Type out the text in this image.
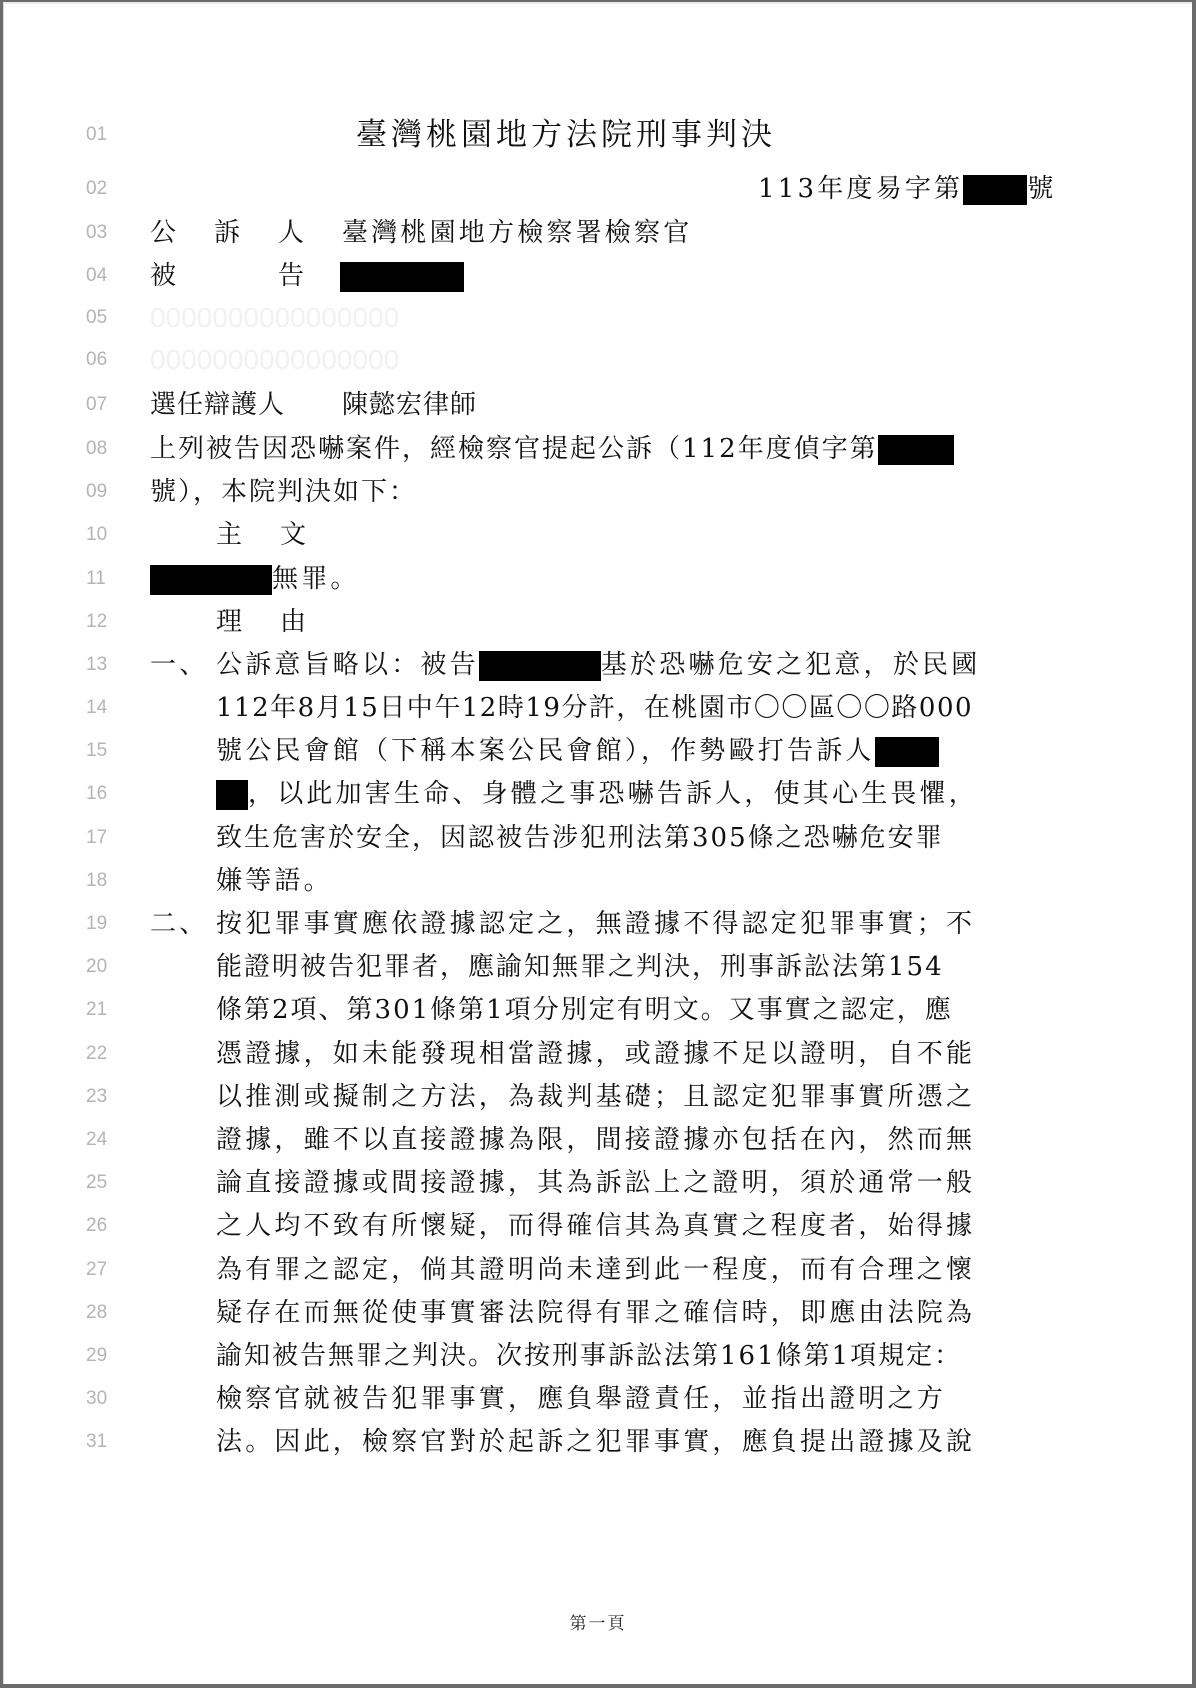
01	臺灣桃園地方法院刑事判決
02	113年度易字第 號
03	公　訴　人 臺灣桃園地方檢察署檢察官
04	被　　　告
05	0000000000000000
06	0000000000000000
07	選任辯護人 陳懿宏律師
08	上列被告因恐嚇案件，經檢察官提起公訴（112年度偵字第
09	號），本院判決如下：
10	主　文
11	無罪。
12	理　由
13	一、 公訴意旨略以：被告	基於恐嚇危安之犯意，於民國
14	112年8月15日中午12時19分許，在桃園市〇〇區〇〇路000
15	號公民會館（下稱本案公民會館），作勢毆打告訴人
16	，以此加害生命、身體之事恐嚇告訴人，使其心生畏懼，
17	致生危害於安全，因認被告涉犯刑法第305條之恐嚇危安罪
18	嫌等語。
19	二、 按犯罪事實應依證據認定之，無證據不得認定犯罪事實；不
20	能證明被告犯罪者，應諭知無罪之判決，刑事訴訟法第154
21	條第2項、第301條第1項分別定有明文。又事實之認定，應
22	憑證據，如未能發現相當證據，或證據不足以證明，自不能
23	以推測或擬制之方法，為裁判基礎；且認定犯罪事實所憑之
24	證據，雖不以直接證據為限，間接證據亦包括在內，然而無
25	論直接證據或間接證據，其為訴訟上之證明，須於通常一般
26	之人均不致有所懷疑，而得確信其為真實之程度者，始得據
27	為有罪之認定，倘其證明尚未達到此一程度，而有合理之懷
28	疑存在而無從使事實審法院得有罪之確信時，即應由法院為
29	諭知被告無罪之判決。次按刑事訴訟法第161條第1項規定：
30	檢察官就被告犯罪事實，應負舉證責任，並指出證明之方
31	法。因此，檢察官對於起訴之犯罪事實，應負提出證據及說
第一頁
